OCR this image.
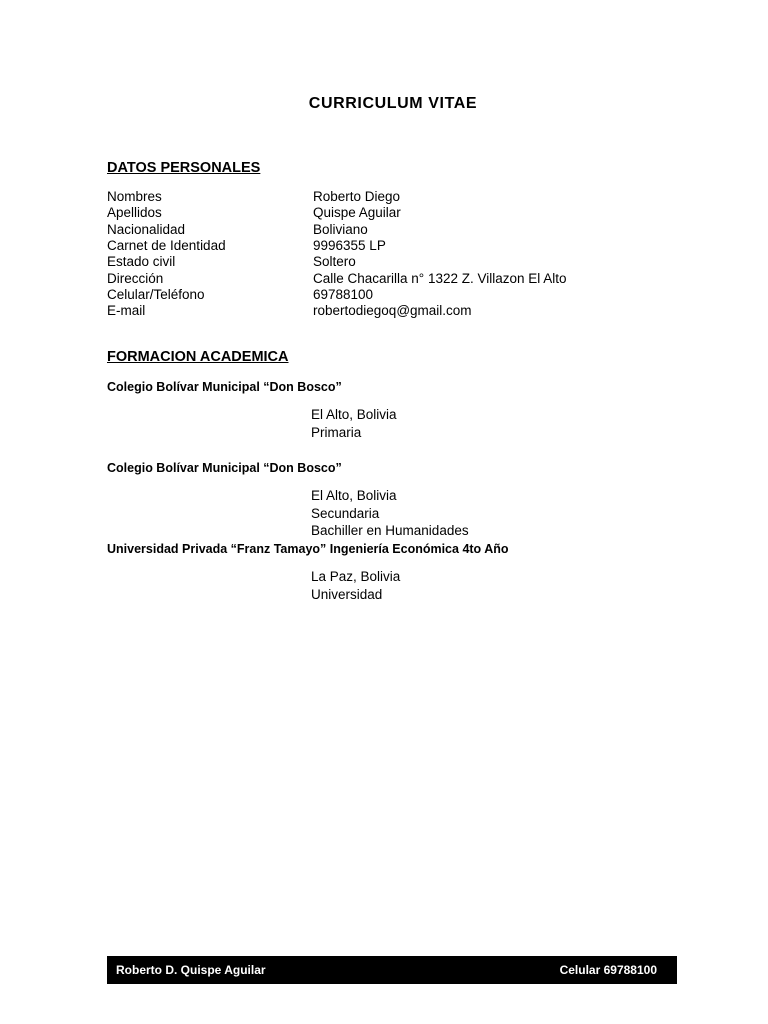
CURRICULUM VITAE
DATOS PERSONALES
Nombres	Roberto Diego
Apellidos	Quispe Aguilar
Nacionalidad	Boliviano
Carnet de Identidad	9996355 LP
Estado civil	Soltero
Dirección	Calle Chacarilla n° 1322 Z. Villazon El Alto
Celular/Teléfono	69788100
E-mail	robertodiegoq@gmail.com
FORMACION ACADEMICA
Colegio Bolívar Municipal “Don Bosco”
El Alto, Bolivia
Primaria
Colegio Bolívar Municipal “Don Bosco”
El Alto, Bolivia
Secundaria
Bachiller en Humanidades
Universidad Privada “Franz Tamayo” Ingeniería Económica 4to Año
La Paz, Bolivia
Universidad
Roberto D. Quispe Aguilar	Celular 69788100
